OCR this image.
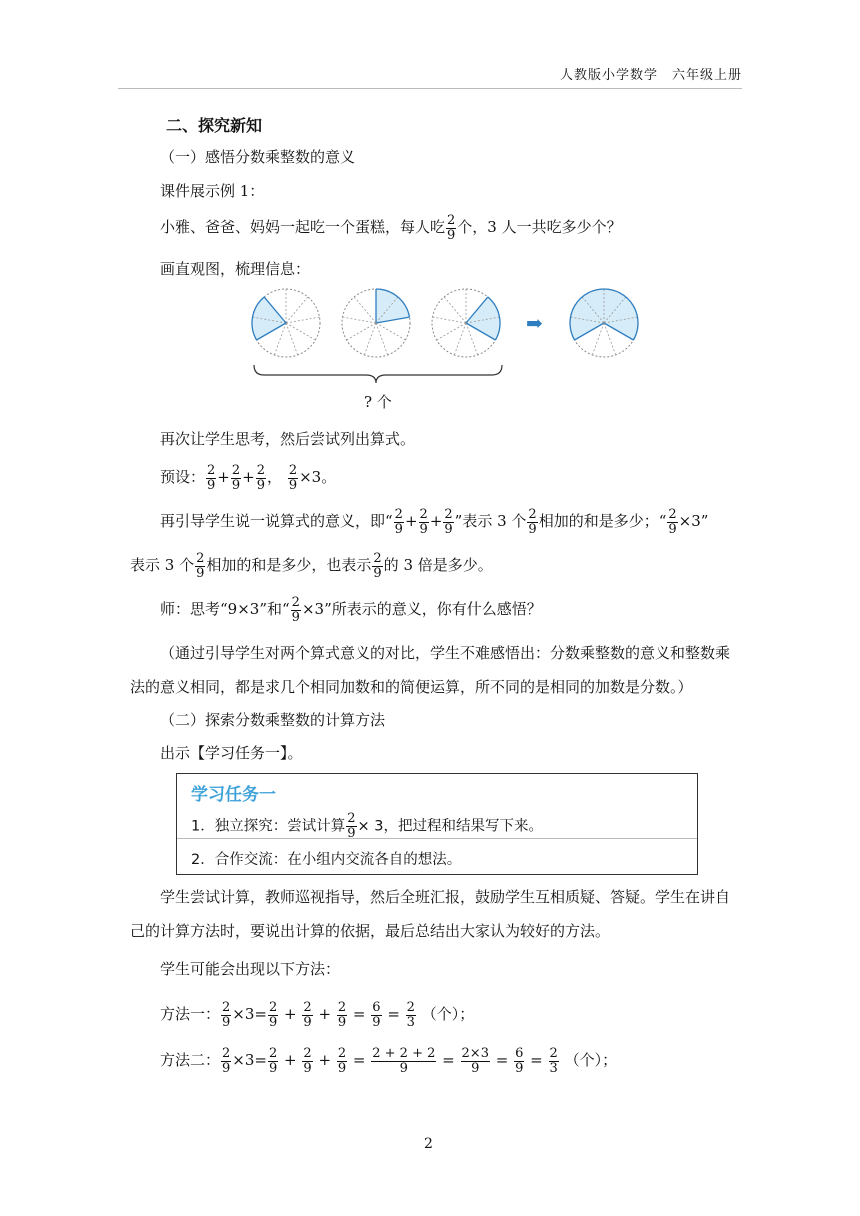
人教版小学数学　六年级上册
二、探究新知
（一）感悟分数乘整数的意义
课件展示例 1：
小雅、爸爸、妈妈一起吃一个蛋糕，每人吃 $\frac{2}{9}$ 个，3 人一共吃多少个？
画直观图，梳理信息：
? 个
➡
再次让学生思考，然后尝试列出算式。
预设： $\frac{2}{9} + \frac{2}{9} + \frac{2}{9}$ ， $\frac{2}{9} \times 3$。
再引导学生说一说算式的意义，即“ $\frac{2}{9} + \frac{2}{9} + \frac{2}{9}$ ”表示 3 个 $\frac{2}{9}$ 相加的和是多少；“ $\frac{2}{9} \times 3$”
表示 3 个 $\frac{2}{9}$ 相加的和是多少，也表示 $\frac{2}{9}$ 的 3 倍是多少。
师：思考“9×3”和“ $\frac{2}{9} \times 3$”所表示的意义，你有什么感悟？
（通过引导学生对两个算式意义的对比，学生不难感悟出：分数乘整数的意义和整数乘法的意义相同，都是求几个相同加数和的简便运算，所不同的是相同的加数是分数。）
（二）探索分数乘整数的计算方法
出示【学习任务一】。
学习任务一
1．独立探究：尝试计算 $\frac{2}{9} \times 3$，把过程和结果写下来。
2．合作交流：在小组内交流各自的想法。
学生尝试计算，教师巡视指导，然后全班汇报，鼓励学生互相质疑、答疑。学生在讲自己的计算方法时，要说出计算的依据，最后总结出大家认为较好的方法。
学生可能会出现以下方法：
方法一： $\frac{2}{9} \times 3= \frac{2}{9} + \frac{2}{9} + \frac{2}{9} = \frac{6}{9} = \frac{2}{3}$ （个）；
方法二： $\frac{2}{9} \times 3= \frac{2}{9} + \frac{2}{9} + \frac{2}{9} = \frac{2 + 2 + 2}{9} = \frac{2\times 3}{9} = \frac{6}{9} = \frac{2}{3}$ （个）；
2
